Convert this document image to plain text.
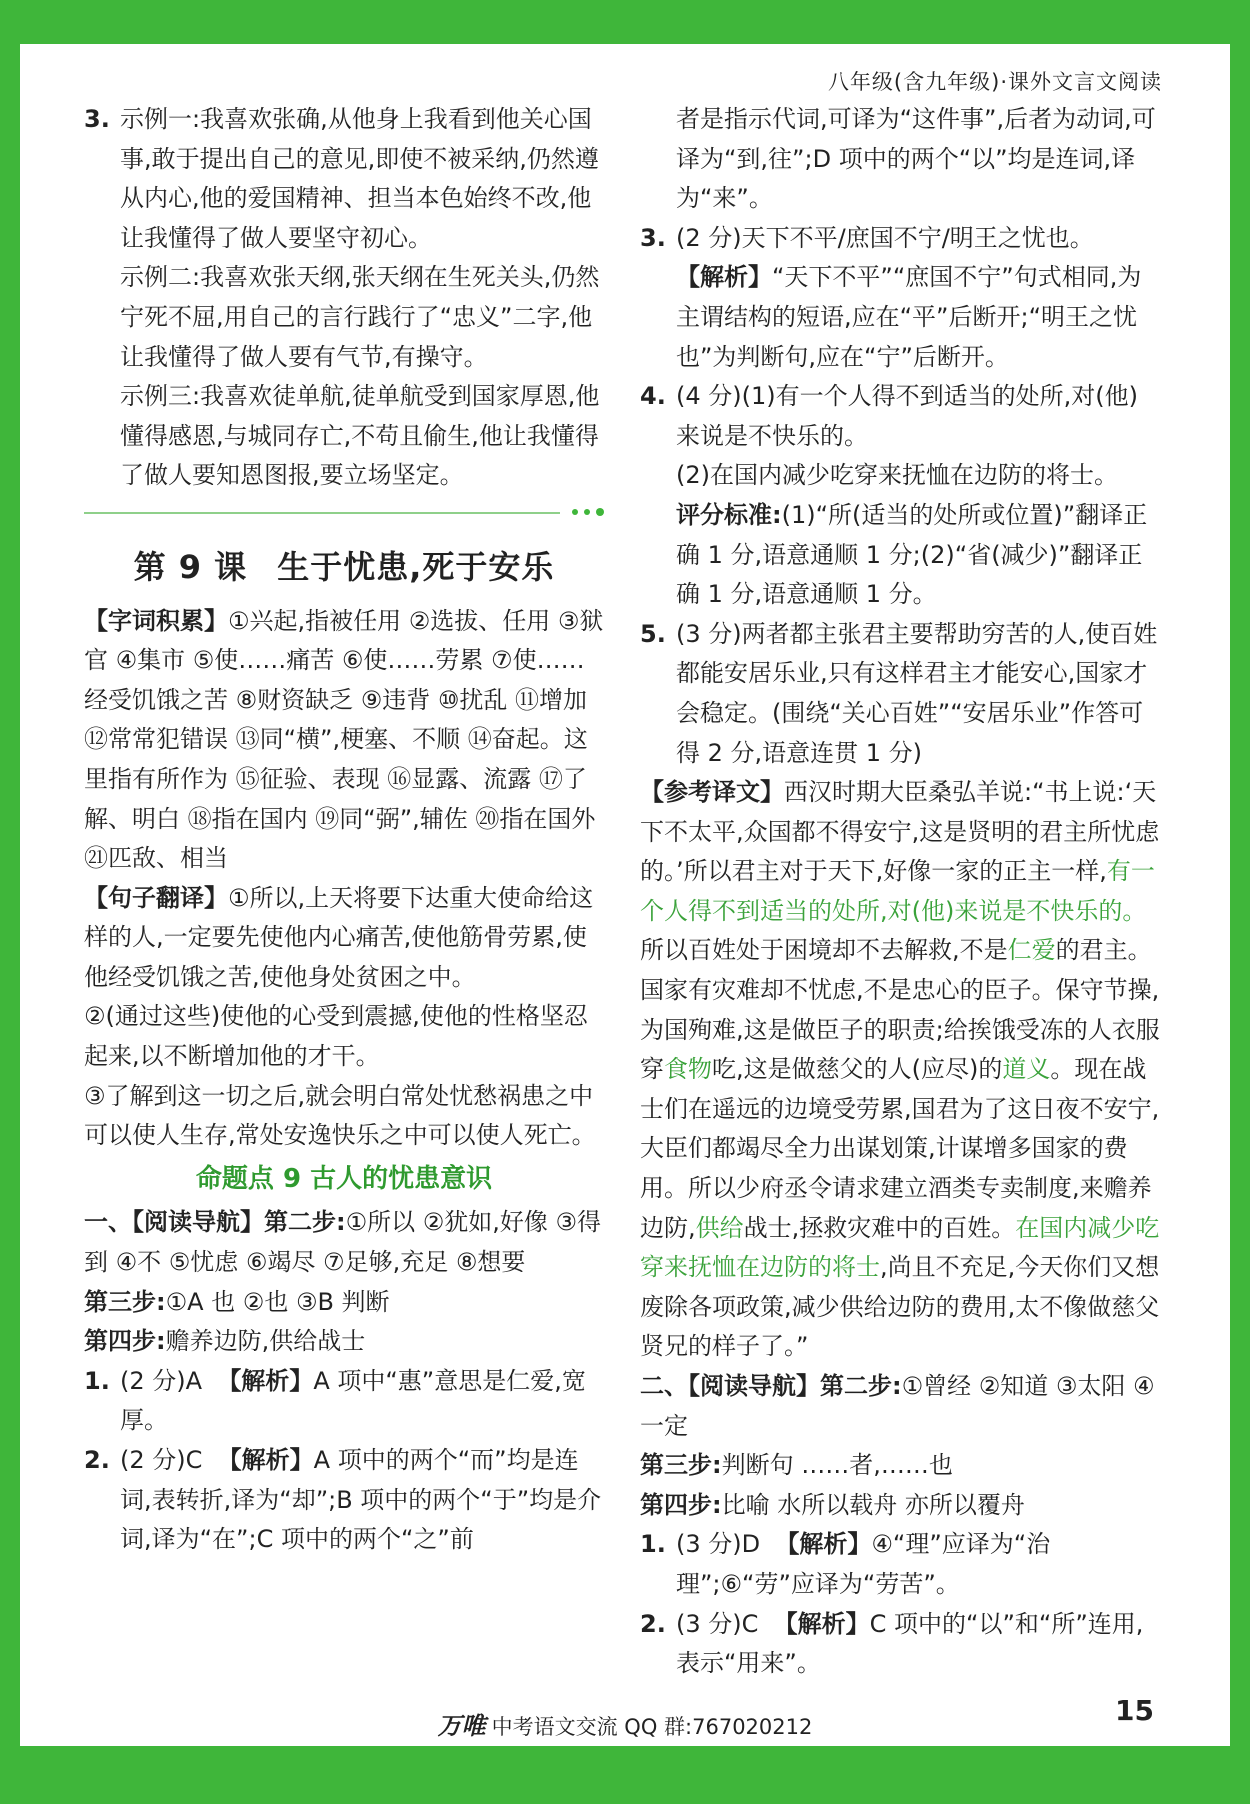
八年级(含九年级)·课外文言文阅读

3. 示例一:我喜欢张确,从他身上我看到他关心国事,敢于提出自己的意见,即使不被采纳,仍然遵从内心,他的爱国精神、担当本色始终不改,他让我懂得了做人要坚守初心。

示例二:我喜欢张天纲,张天纲在生死关头,仍然宁死不屈,用自己的言行践行了“忠义”二字,他让我懂得了做人要有气节,有操守。

示例三:我喜欢徒单航,徒单航受到国家厚恩,他懂得感恩,与城同存亡,不苟且偷生,他让我懂得了做人要知恩图报,要立场坚定。

第 9 课 生于忧患,死于安乐

【字词积累】①兴起,指被任用 ②选拔、任用 ③狱官 ④集市 ⑤使……痛苦 ⑥使……劳累 ⑦使……经受饥饿之苦 ⑧财资缺乏 ⑨违背 ⑩扰乱 ⑪增加 ⑫常常犯错误 ⑬同“横”,梗塞、不顺 ⑭奋起。这里指有所作为 ⑮征验、表现 ⑯显露、流露 ⑰了解、明白 ⑱指在国内 ⑲同“弼”,辅佐 ⑳指在国外 ㉑匹敌、相当

【句子翻译】①所以,上天将要下达重大使命给这样的人,一定要先使他内心痛苦,使他筋骨劳累,使他经受饥饿之苦,使他身处贫困之中。

②(通过这些)使他的心受到震撼,使他的性格坚忍起来,以不断增加他的才干。

③了解到这一切之后,就会明白常处忧愁祸患之中可以使人生存,常处安逸快乐之中可以使人死亡。

命题点 9 古人的忧患意识

一、【阅读导航】第二步:①所以 ②犹如,好像 ③得到 ④不 ⑤忧虑 ⑥竭尽 ⑦足够,充足 ⑧想要

第三步:①A 也 ②也 ③B 判断

第四步:赡养边防,供给战士

1. (2 分)A 【解析】A 项中“惠”意思是仁爱,宽厚。

2. (2 分)C 【解析】A 项中的两个“而”均是连词,表转折,译为“却”;B 项中的两个“于”均是介词,译为“在”;C 项中的两个“之”前

者是指示代词,可译为“这件事”,后者为动词,可译为“到,往”;D 项中的两个“以”均是连词,译为“来”。

3. (2 分)天下不平/庶国不宁/明王之忧也。

【解析】“天下不平”“庶国不宁”句式相同,为主谓结构的短语,应在“平”后断开;“明王之忧也”为判断句,应在“宁”后断开。

4. (4 分)(1)有一个人得不到适当的处所,对(他)来说是不快乐的。

(2)在国内减少吃穿来抚恤在边防的将士。

评分标准:(1)“所(适当的处所或位置)”翻译正确 1 分,语意通顺 1 分;(2)“省(减少)”翻译正确 1 分,语意通顺 1 分。

5. (3 分)两者都主张君主要帮助穷苦的人,使百姓都能安居乐业,只有这样君主才能安心,国家才会稳定。(围绕“关心百姓”“安居乐业”作答可得 2 分,语意连贯 1 分)

【参考译文】西汉时期大臣桑弘羊说:“书上说:‘天下不太平,众国都不得安宁,这是贤明的君主所忧虑的。’所以君主对于天下,好像一家的正主一样,有一个人得不到适当的处所,对(他)来说是不快乐的。所以百姓处于困境却不去解救,不是仁爱的君主。国家有灾难却不忧虑,不是忠心的臣子。保守节操,为国殉难,这是做臣子的职责;给挨饿受冻的人衣服穿食物吃,这是做慈父的人(应尽)的道义。现在战士们在遥远的边境受劳累,国君为了这日夜不安宁,大臣们都竭尽全力出谋划策,计谋增多国家的费用。所以少府丞令请求建立酒类专卖制度,来赡养边防,供给战士,拯救灾难中的百姓。在国内减少吃穿来抚恤在边防的将士,尚且不充足,今天你们又想废除各项政策,减少供给边防的费用,太不像做慈父贤兄的样子了。”

二、【阅读导航】第二步:①曾经 ②知道 ③太阳 ④一定

第三步:判断句 ……者,……也

第四步:比喻 水所以载舟 亦所以覆舟

1. (3 分)D 【解析】④“理”应译为“治理”;⑥“劳”应译为“劳苦”。

2. (3 分)C 【解析】C 项中的“以”和“所”连用,表示“用来”。

万唯 中考语文交流 QQ 群:767020212	15
